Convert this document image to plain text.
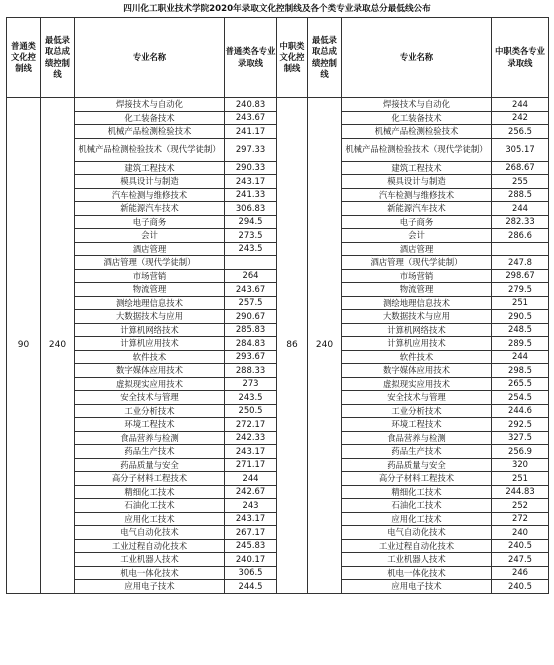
四川化工职业技术学院2020年录取文化控制线及各个类专业录取总分最低线公布
普通类文化控制线	最低录取总成绩控制线	专业名称	普通类各专业录取线	中职类文化控制线	最低录取总成绩控制线	专业名称	中职类各专业录取线
90	240	焊接技术与自动化	240.83	86	240	焊接技术与自动化	244
		化工装备技术	243.67			化工装备技术	242
		机械产品检测检验技术	241.17			机械产品检测检验技术	256.5
		机械产品检测检验技术（现代学徒制）	297.33			机械产品检测检验技术（现代学徒制）	305.17
		建筑工程技术	290.33			建筑工程技术	268.67
		模具设计与制造	243.17			模具设计与制造	255
		汽车检测与维修技术	241.33			汽车检测与维修技术	288.5
		新能源汽车技术	306.83			新能源汽车技术	244
		电子商务	294.5			电子商务	282.33
		会计	273.5			会计	286.6
		酒店管理	243.5			酒店管理	
		酒店管理（现代学徒制）				酒店管理（现代学徒制）	247.8
		市场营销	264			市场营销	298.67
		物流管理	243.67			物流管理	279.5
		测绘地理信息技术	257.5			测绘地理信息技术	251
		大数据技术与应用	290.67			大数据技术与应用	290.5
		计算机网络技术	285.83			计算机网络技术	248.5
		计算机应用技术	284.83			计算机应用技术	289.5
		软件技术	293.67			软件技术	244
		数字媒体应用技术	288.33			数字媒体应用技术	298.5
		虚拟现实应用技术	273			虚拟现实应用技术	265.5
		安全技术与管理	243.5			安全技术与管理	254.5
		工业分析技术	250.5			工业分析技术	244.6
		环境工程技术	272.17			环境工程技术	292.5
		食品营养与检测	242.33			食品营养与检测	327.5
		药品生产技术	243.17			药品生产技术	256.9
		药品质量与安全	271.17			药品质量与安全	320
		高分子材料工程技术	244			高分子材料工程技术	251
		精细化工技术	242.67			精细化工技术	244.83
		石油化工技术	243			石油化工技术	252
		应用化工技术	243.17			应用化工技术	272
		电气自动化技术	267.17			电气自动化技术	240
		工业过程自动化技术	245.83			工业过程自动化技术	240.5
		工业机器人技术	240.17			工业机器人技术	247.5
		机电一体化技术	306.5			机电一体化技术	246
		应用电子技术	244.5			应用电子技术	240.5
